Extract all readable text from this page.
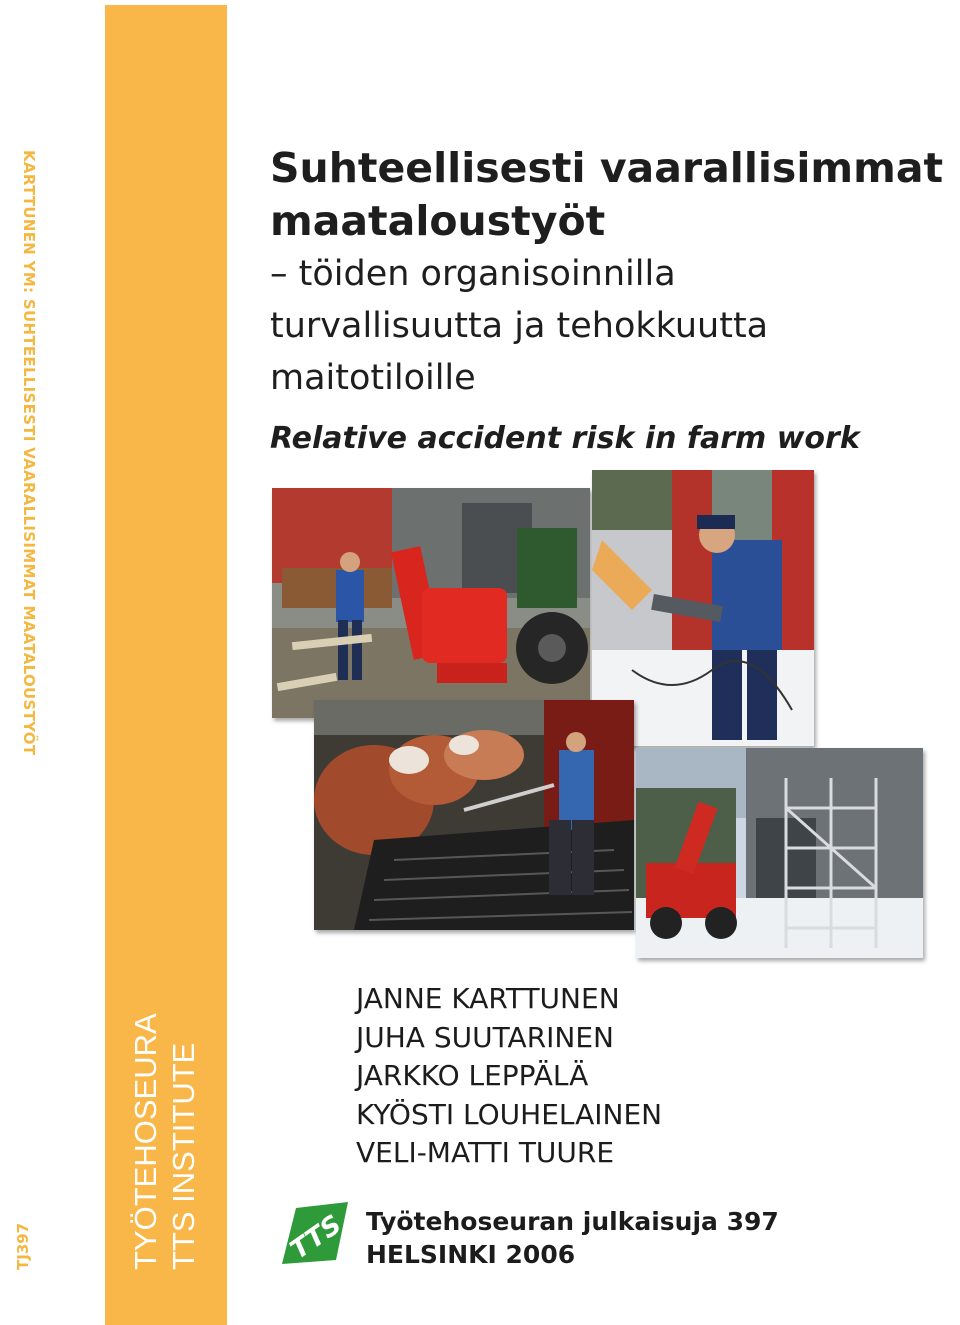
KARTTUNEN YM: SUHTEELLISESTI VAARALLISIMMAT MAATALOUSTYÖT
TJ397	TYÖTEHOSEURA TTS INSTITUTE
Suhteellisesti vaarallisimmat
maataloustyöt
– töiden organisoinnilla
turvallisuutta ja tehokkuutta
maitotiloille
Relative accident risk in farm work
JANNE KARTTUNEN
JUHA SUUTARINEN
JARKKO LEPPÄLÄ
KYÖSTI LOUHELAINEN
VELI-MATTI TUURE
TTS Työtehoseuran julkaisuja 397
HELSINKI 2006
